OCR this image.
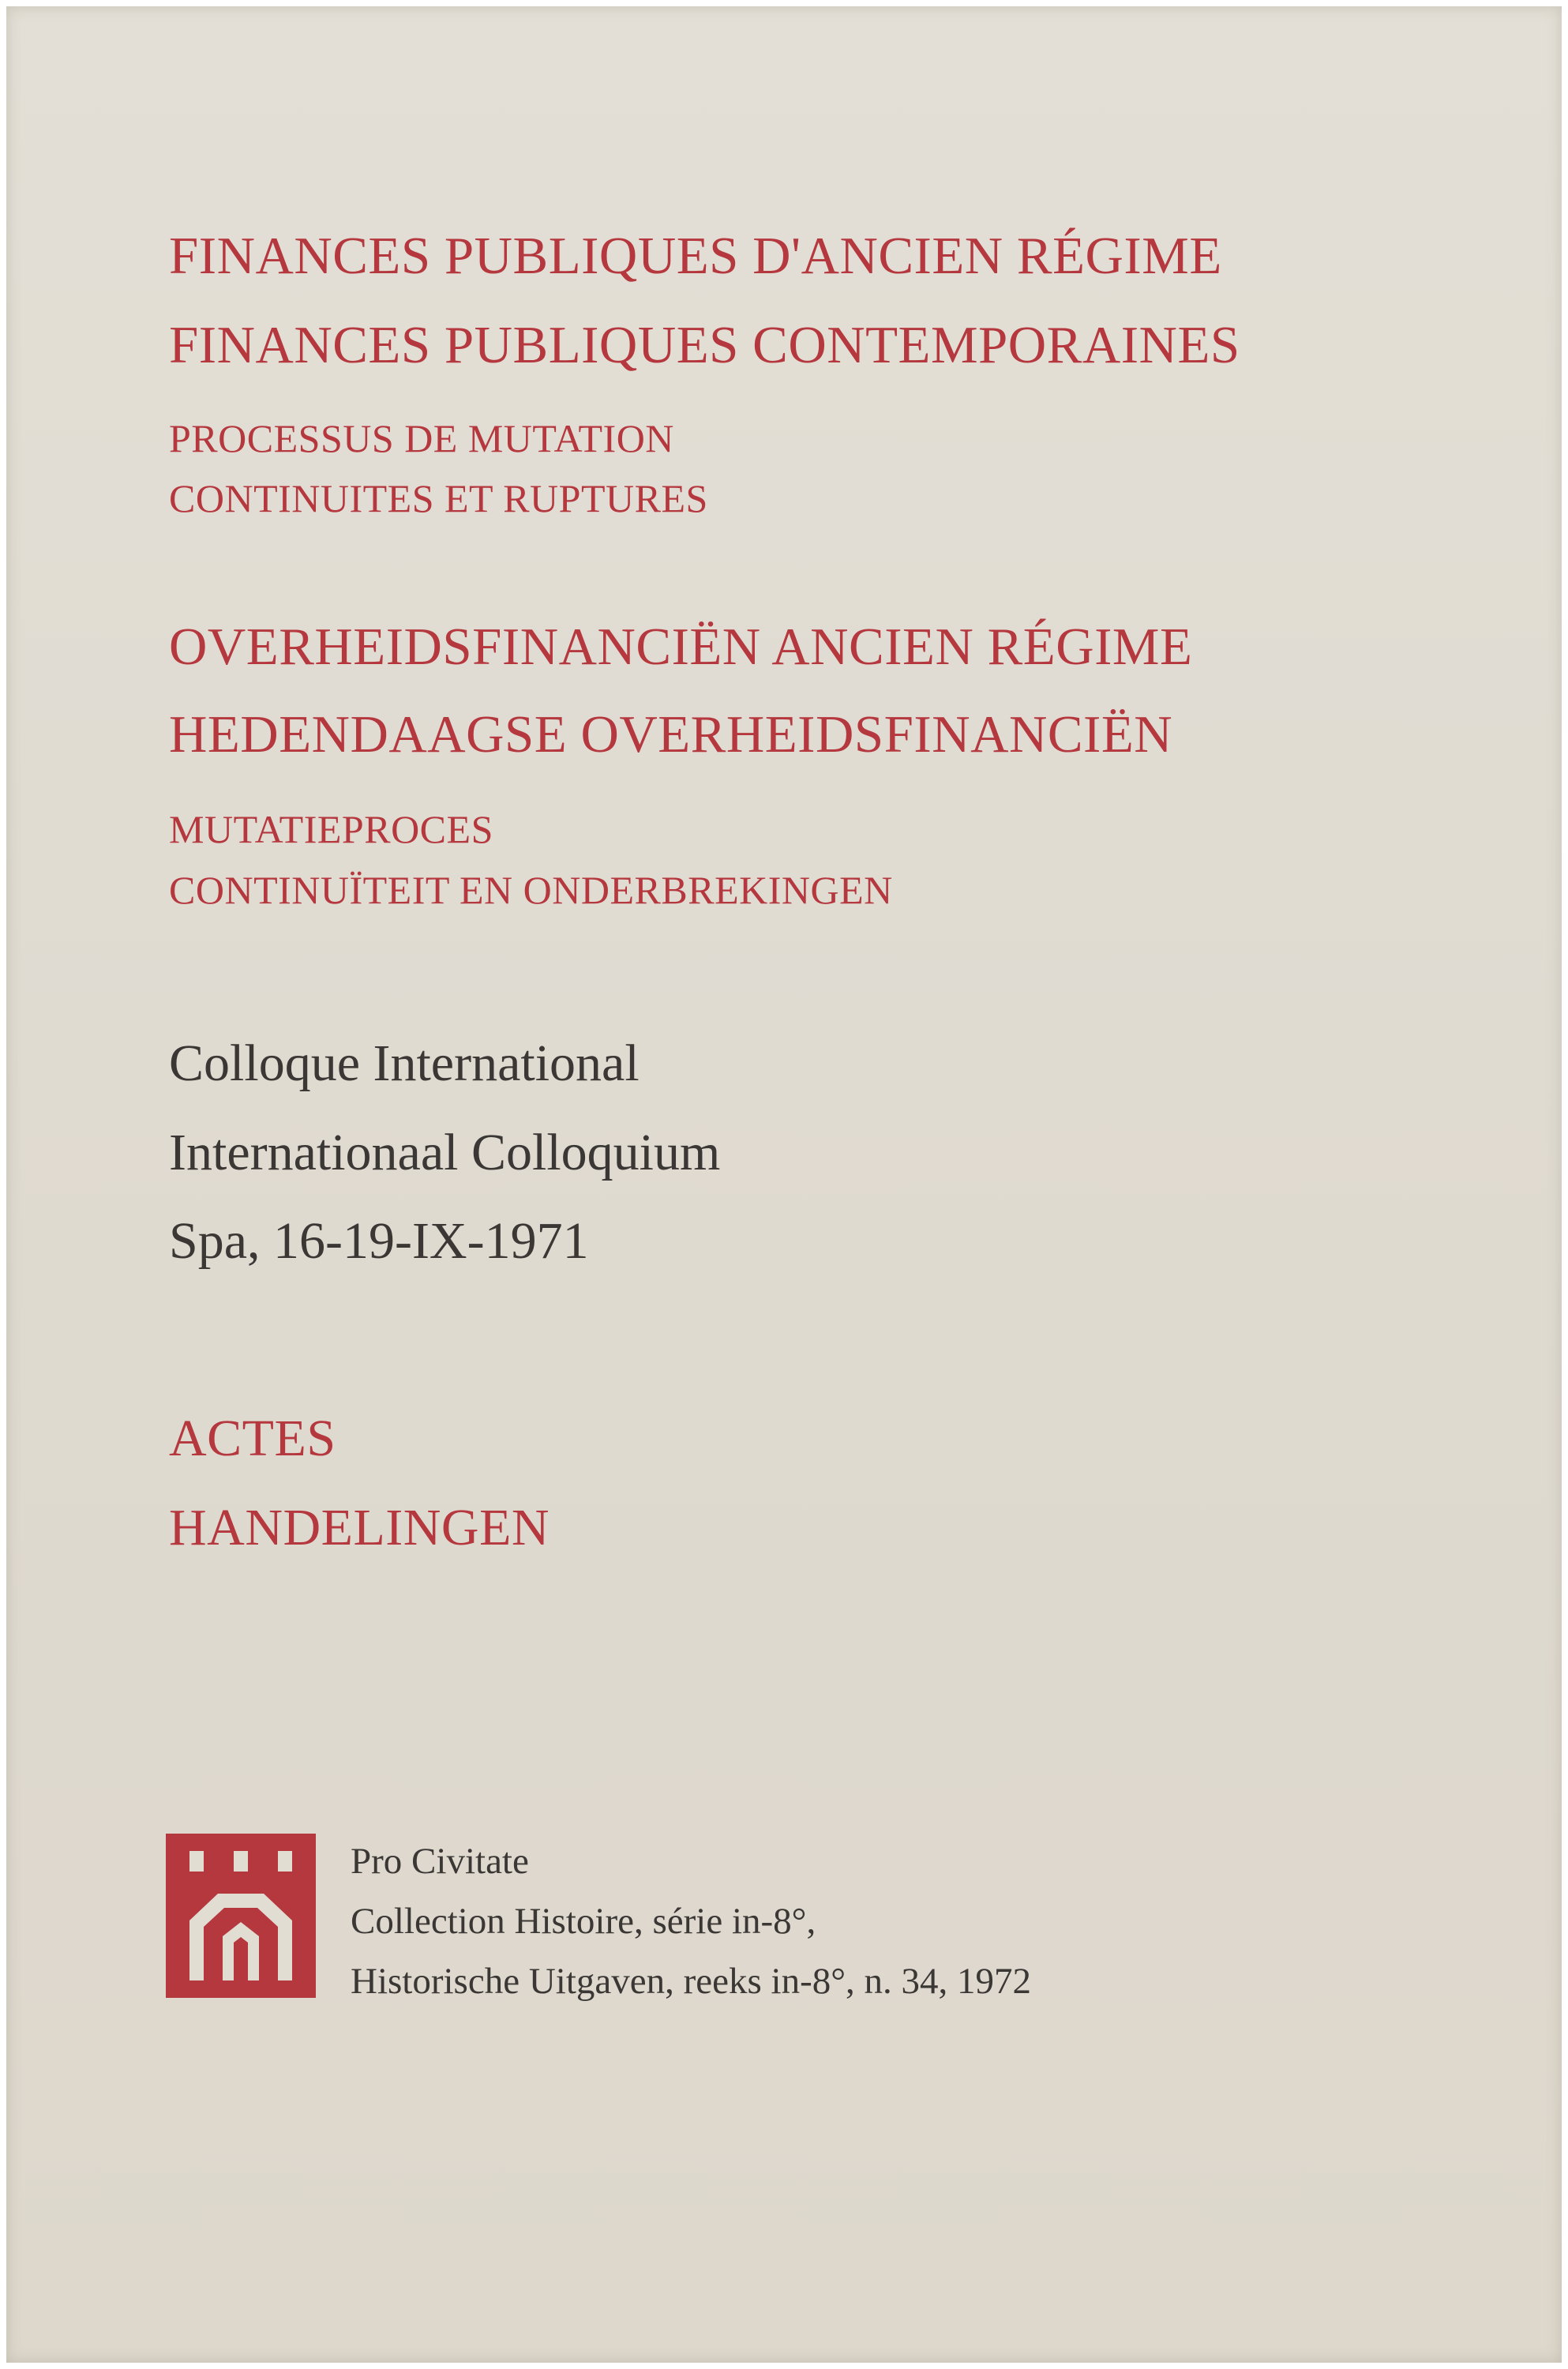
FINANCES PUBLIQUES D'ANCIEN RÉGIME

FINANCES PUBLIQUES CONTEMPORAINES

PROCESSUS DE MUTATION

CONTINUITES ET RUPTURES

OVERHEIDSFINANCIËN ANCIEN RÉGIME

HEDENDAAGSE OVERHEIDSFINANCIËN

MUTATIEPROCES

CONTINUÏTEIT EN ONDERBREKINGEN

Colloque International

Internationaal Colloquium

Spa, 16-19-IX-1971

ACTES

HANDELINGEN

Pro Civitate

Collection Histoire, série in-8°,

Historische Uitgaven, reeks in-8°, n. 34, 1972
